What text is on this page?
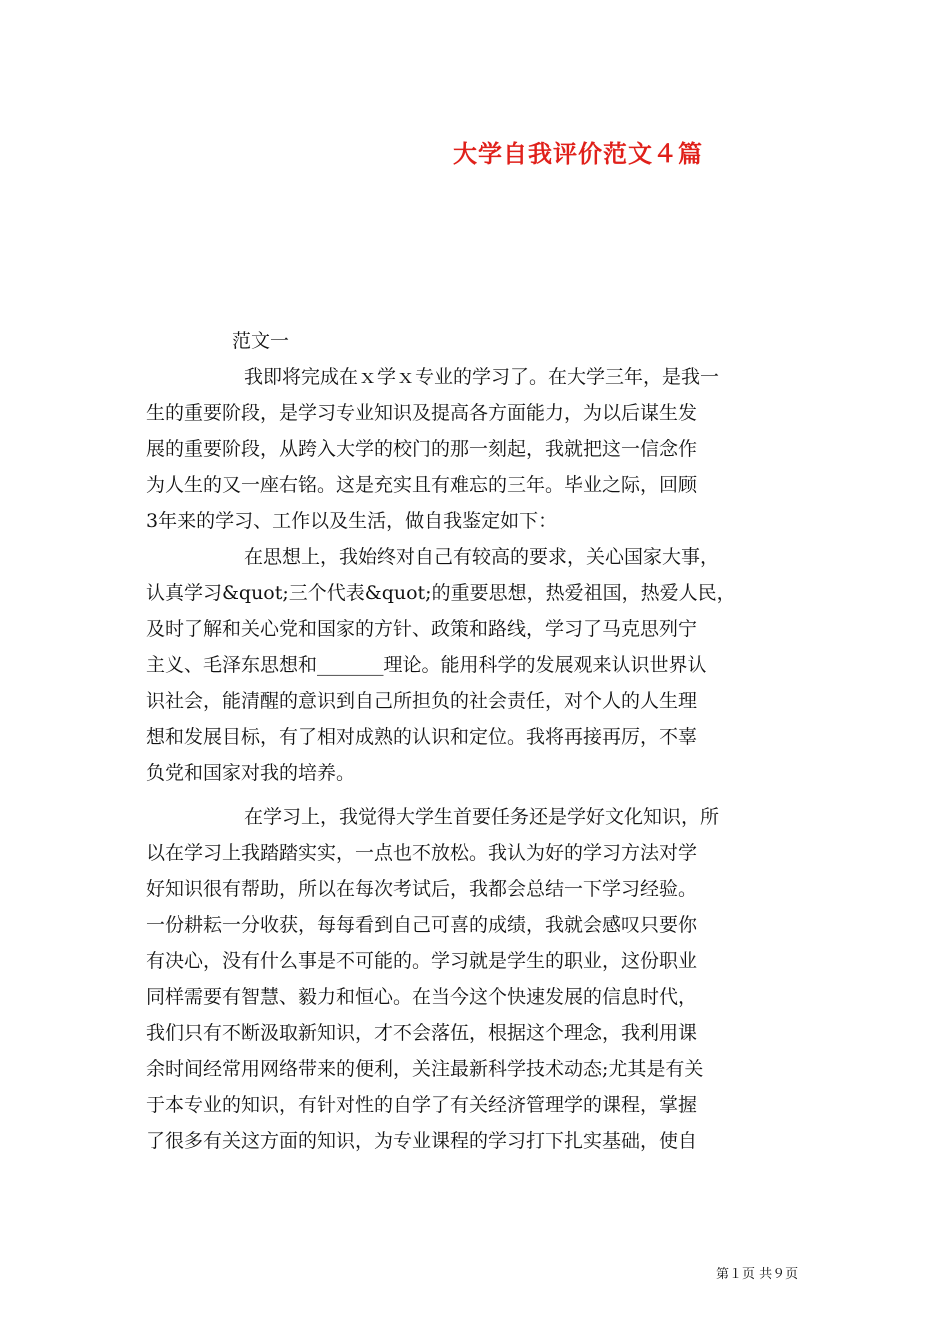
大学自我评价范文４篇

范文一

我即将完成在ｘ学ｘ专业的学习了。在大学三年，是我一

生的重要阶段，是学习专业知识及提高各方面能力，为以后谋生发

展的重要阶段，从跨入大学的校门的那一刻起，我就把这一信念作

为人生的又一座右铭。这是充实且有难忘的三年。毕业之际，回顾

3年来的学习、工作以及生活，做自我鉴定如下：

在思想上，我始终对自己有较高的要求，关心国家大事，

认真学习&quot;三个代表&quot;的重要思想，热爱祖国，热爱人民，

及时了解和关心党和国家的方针、政策和路线，学习了马克思列宁

主义、毛泽东思想和_______理论。能用科学的发展观来认识世界认

识社会，能清醒的意识到自己所担负的社会责任，对个人的人生理

想和发展目标，有了相对成熟的认识和定位。我将再接再厉，不辜

负党和国家对我的培养。

在学习上，我觉得大学生首要任务还是学好文化知识，所

以在学习上我踏踏实实，一点也不放松。我认为好的学习方法对学

好知识很有帮助，所以在每次考试后，我都会总结一下学习经验。

一份耕耘一分收获，每每看到自己可喜的成绩，我就会感叹只要你

有决心，没有什么事是不可能的。学习就是学生的职业，这份职业

同样需要有智慧、毅力和恒心。在当今这个快速发展的信息时代，

我们只有不断汲取新知识，才不会落伍，根据这个理念，我利用课

余时间经常用网络带来的便利，关注最新科学技术动态;尤其是有关

于本专业的知识，有针对性的自学了有关经济管理学的课程，掌握

了很多有关这方面的知识，为专业课程的学习打下扎实基础，使自

第１页 共９页
